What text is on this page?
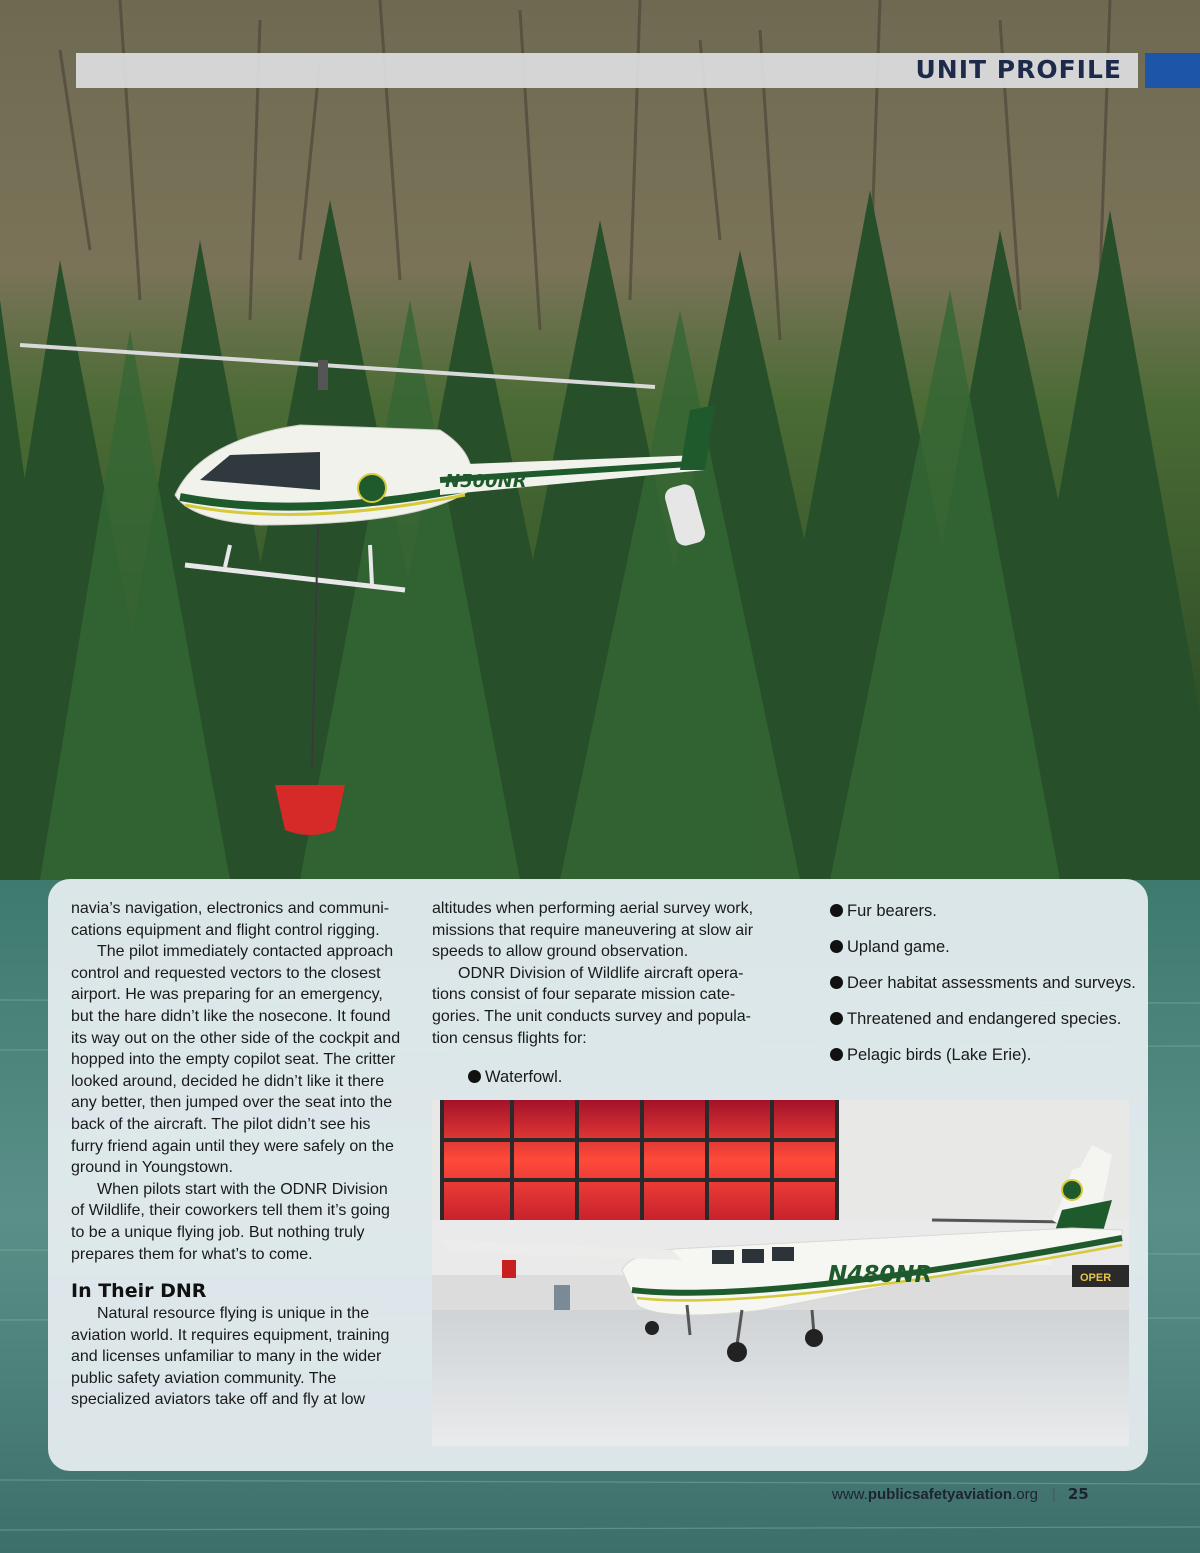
N500NR
UNIT PROFILE

navia’s navigation, electronics and communi-cations equipment and flight control rigging.

The pilot immediately contacted approach control and requested vectors to the closest airport. He was preparing for an emergency, but the hare didn’t like the nosecone. It found its way out on the other side of the cockpit and hopped into the empty copilot seat. The critter looked around, decided he didn’t like it there any better, then jumped over the seat into the back of the aircraft. The pilot didn’t see his furry friend again until they were safely on the ground in Youngstown.

When pilots start with the ODNR Division of Wildlife, their coworkers tell them it’s going to be a unique flying job. But nothing truly prepares them for what’s to come.

In Their DNR

Natural resource flying is unique in the aviation world. It requires equipment, training and licenses unfamiliar to many in the wider public safety aviation community. The specialized aviators take off and fly at low

altitudes when performing aerial survey work, missions that require maneuvering at slow air speeds to allow ground observation.

ODNR Division of Wildlife aircraft opera-tions consist of four separate mission cate-gories. The unit conducts survey and popula-tion census flights for:

Waterfowl.
Fur bearers.
Upland game.
Deer habitat assessments and surveys.
Threatened and endangered species.
Pelagic birds (Lake Erie).
OPER
N480NR
www.publicsafetyaviation.org | 25
